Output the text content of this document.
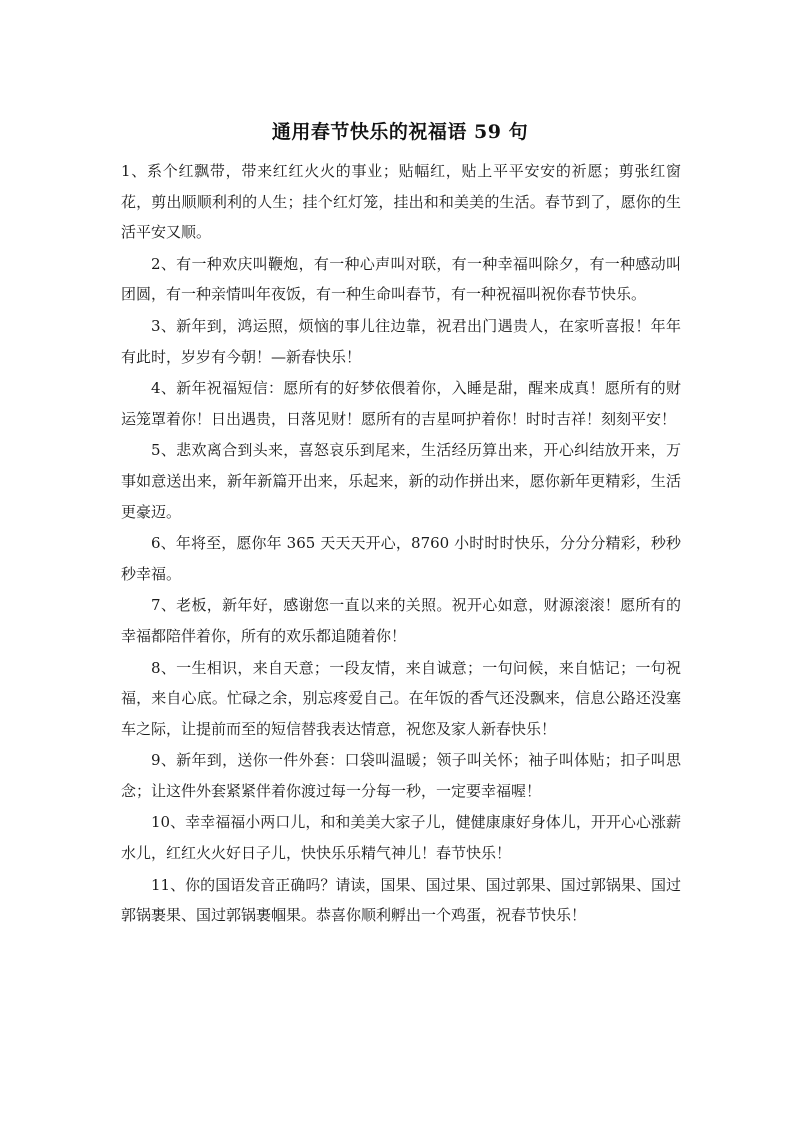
通用春节快乐的祝福语 59 句

1、系个红飘带，带来红红火火的事业；贴幅红，贴上平平安安的祈愿；剪张红窗花，剪出顺顺利利的人生；挂个红灯笼，挂出和和美美的生活。春节到了，愿你的生活平安又顺。

2、有一种欢庆叫鞭炮，有一种心声叫对联，有一种幸福叫除夕，有一种感动叫团圆，有一种亲情叫年夜饭，有一种生命叫春节，有一种祝福叫祝你春节快乐。

3、新年到，鸿运照，烦恼的事儿往边靠，祝君出门遇贵人，在家听喜报！年年有此时，岁岁有今朝！—新春快乐！

4、新年祝福短信：愿所有的好梦依偎着你，入睡是甜，醒来成真！愿所有的财运笼罩着你！日出遇贵，日落见财！愿所有的吉星呵护着你！时时吉祥！刻刻平安！

5、悲欢离合到头来，喜怒哀乐到尾来，生活经历算出来，开心纠结放开来，万事如意送出来，新年新篇开出来，乐起来，新的动作拼出来，愿你新年更精彩，生活更豪迈。

6、年将至，愿你年 365 天天天开心，8760 小时时时快乐，分分分精彩，秒秒秒幸福。

7、老板，新年好，感谢您一直以来的关照。祝开心如意，财源滚滚！愿所有的幸福都陪伴着你，所有的欢乐都追随着你！

8、一生相识，来自天意；一段友情，来自诚意；一句问候，来自惦记；一句祝福，来自心底。忙碌之余，别忘疼爱自己。在年饭的香气还没飘来，信息公路还没塞车之际，让提前而至的短信替我表达情意，祝您及家人新春快乐！

9、新年到，送你一件外套：口袋叫温暖；领子叫关怀；袖子叫体贴；扣子叫思念；让这件外套紧紧伴着你渡过每一分每一秒，一定要幸福喔！

10、幸幸福福小两口儿，和和美美大家子儿，健健康康好身体儿，开开心心涨薪水儿，红红火火好日子儿，快快乐乐精气神儿！春节快乐！

11、你的国语发音正确吗？请读，国果、国过果、国过郭果、国过郭锅果、国过郭锅裹果、国过郭锅裹帼果。恭喜你顺利孵出一个鸡蛋，祝春节快乐！
